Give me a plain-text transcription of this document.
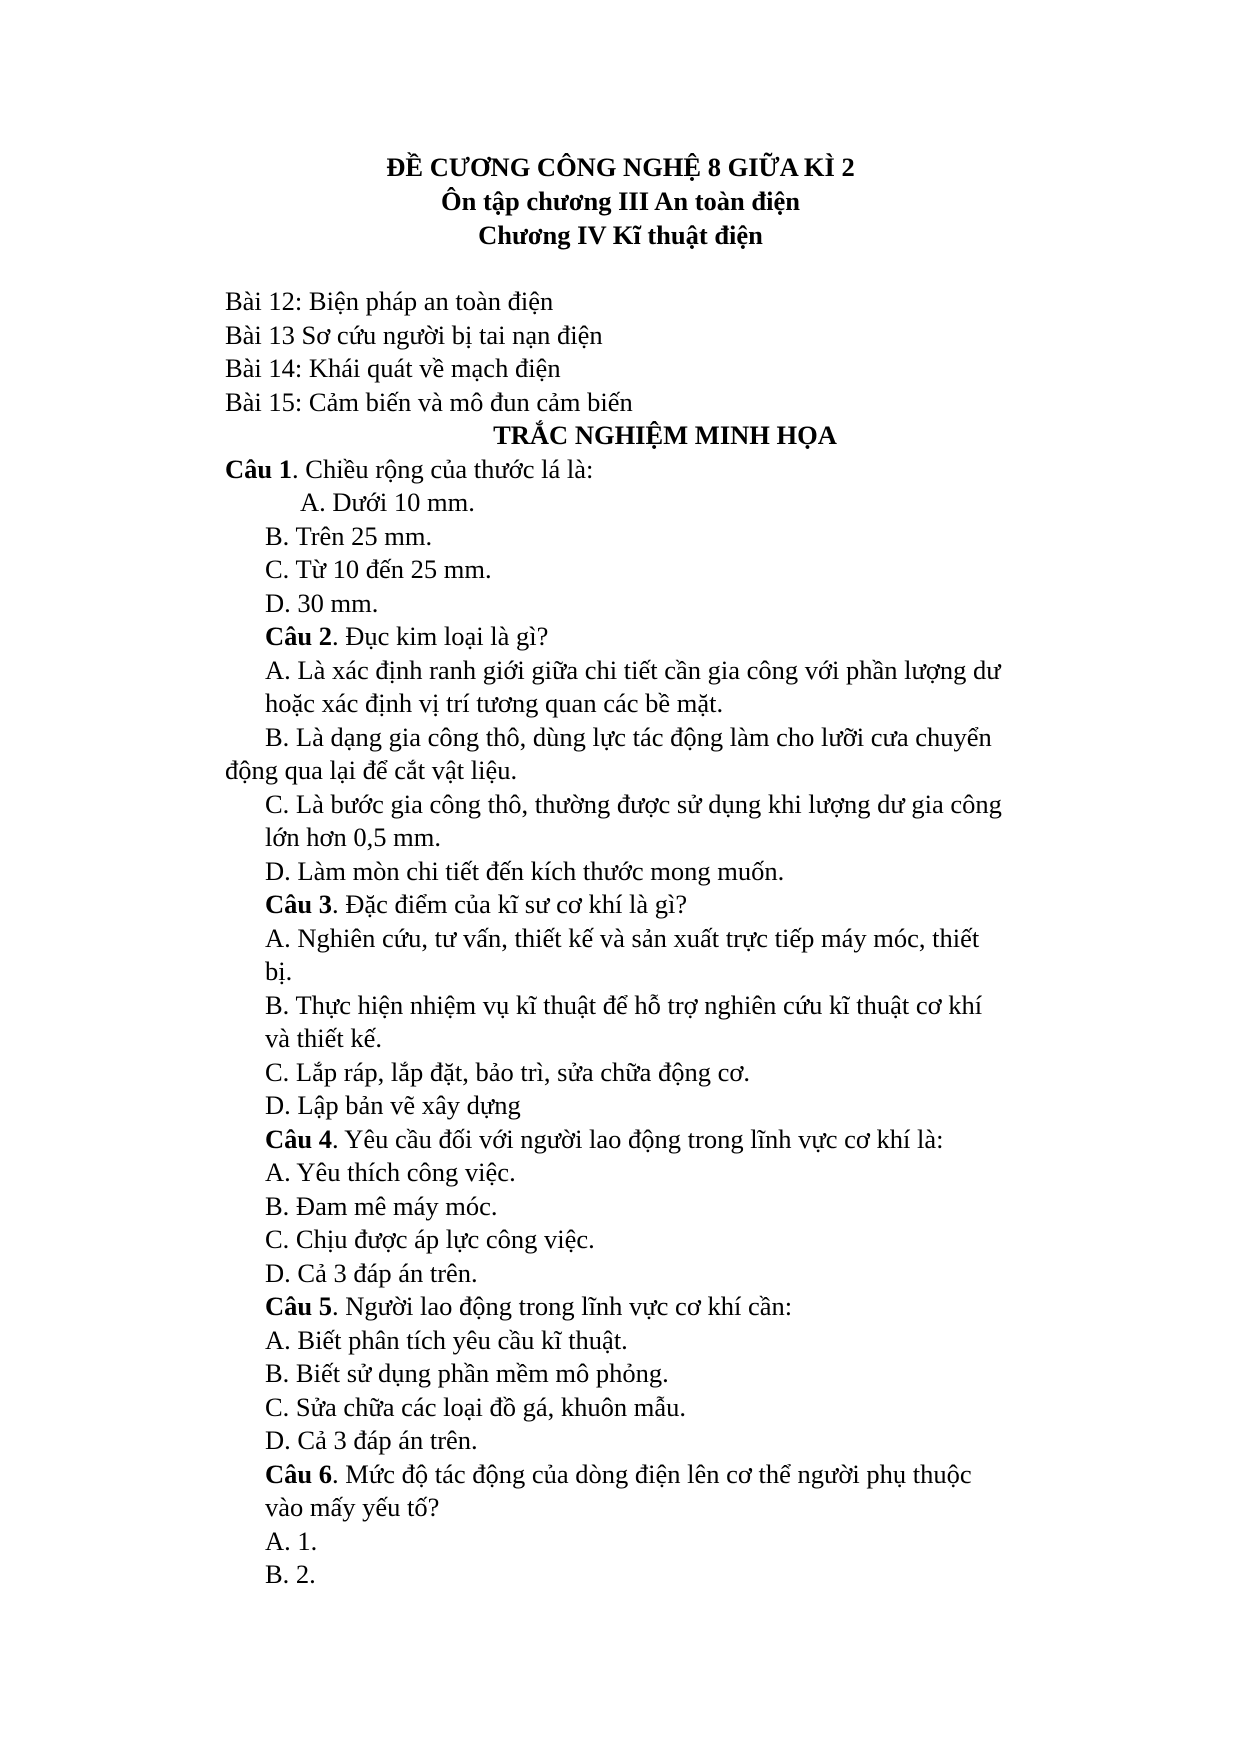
ĐỀ CƯƠNG CÔNG NGHỆ 8 GIỮA KÌ 2
Ôn tập chương III An toàn điện
Chương IV Kĩ thuật điện
Bài 12: Biện pháp an toàn điện
Bài 13 Sơ cứu người bị tai nạn điện
Bài 14: Khái quát về mạch điện
Bài 15: Cảm biến và mô đun cảm biến
TRẮC NGHIỆM MINH HỌA
Câu 1. Chiều rộng của thước lá là:
A. Dưới 10 mm.
B. Trên 25 mm.
C. Từ 10 đến 25 mm.
D. 30 mm.
Câu 2. Đục kim loại là gì?
A. Là xác định ranh giới giữa chi tiết cần gia công với phần lượng dư
hoặc xác định vị trí tương quan các bề mặt.
B. Là dạng gia công thô, dùng lực tác động làm cho lưỡi cưa chuyển
động qua lại để cắt vật liệu.
C. Là bước gia công thô, thường được sử dụng khi lượng dư gia công
lớn hơn 0,5 mm.
D. Làm mòn chi tiết đến kích thước mong muốn.
Câu 3. Đặc điểm của kĩ sư cơ khí là gì?
A. Nghiên cứu, tư vấn, thiết kế và sản xuất trực tiếp máy móc, thiết
bị.
B. Thực hiện nhiệm vụ kĩ thuật để hỗ trợ nghiên cứu kĩ thuật cơ khí
và thiết kế.
C. Lắp ráp, lắp đặt, bảo trì, sửa chữa động cơ.
D. Lập bản vẽ xây dựng
Câu 4. Yêu cầu đối với người lao động trong lĩnh vực cơ khí là:
A. Yêu thích công việc.
B. Đam mê máy móc.
C. Chịu được áp lực công việc.
D. Cả 3 đáp án trên.
Câu 5. Người lao động trong lĩnh vực cơ khí cần:
A. Biết phân tích yêu cầu kĩ thuật.
B. Biết sử dụng phần mềm mô phỏng.
C. Sửa chữa các loại đồ gá, khuôn mẫu.
D. Cả 3 đáp án trên.
Câu 6. Mức độ tác động của dòng điện lên cơ thể người phụ thuộc
vào mấy yếu tố?
A. 1.
B. 2.
